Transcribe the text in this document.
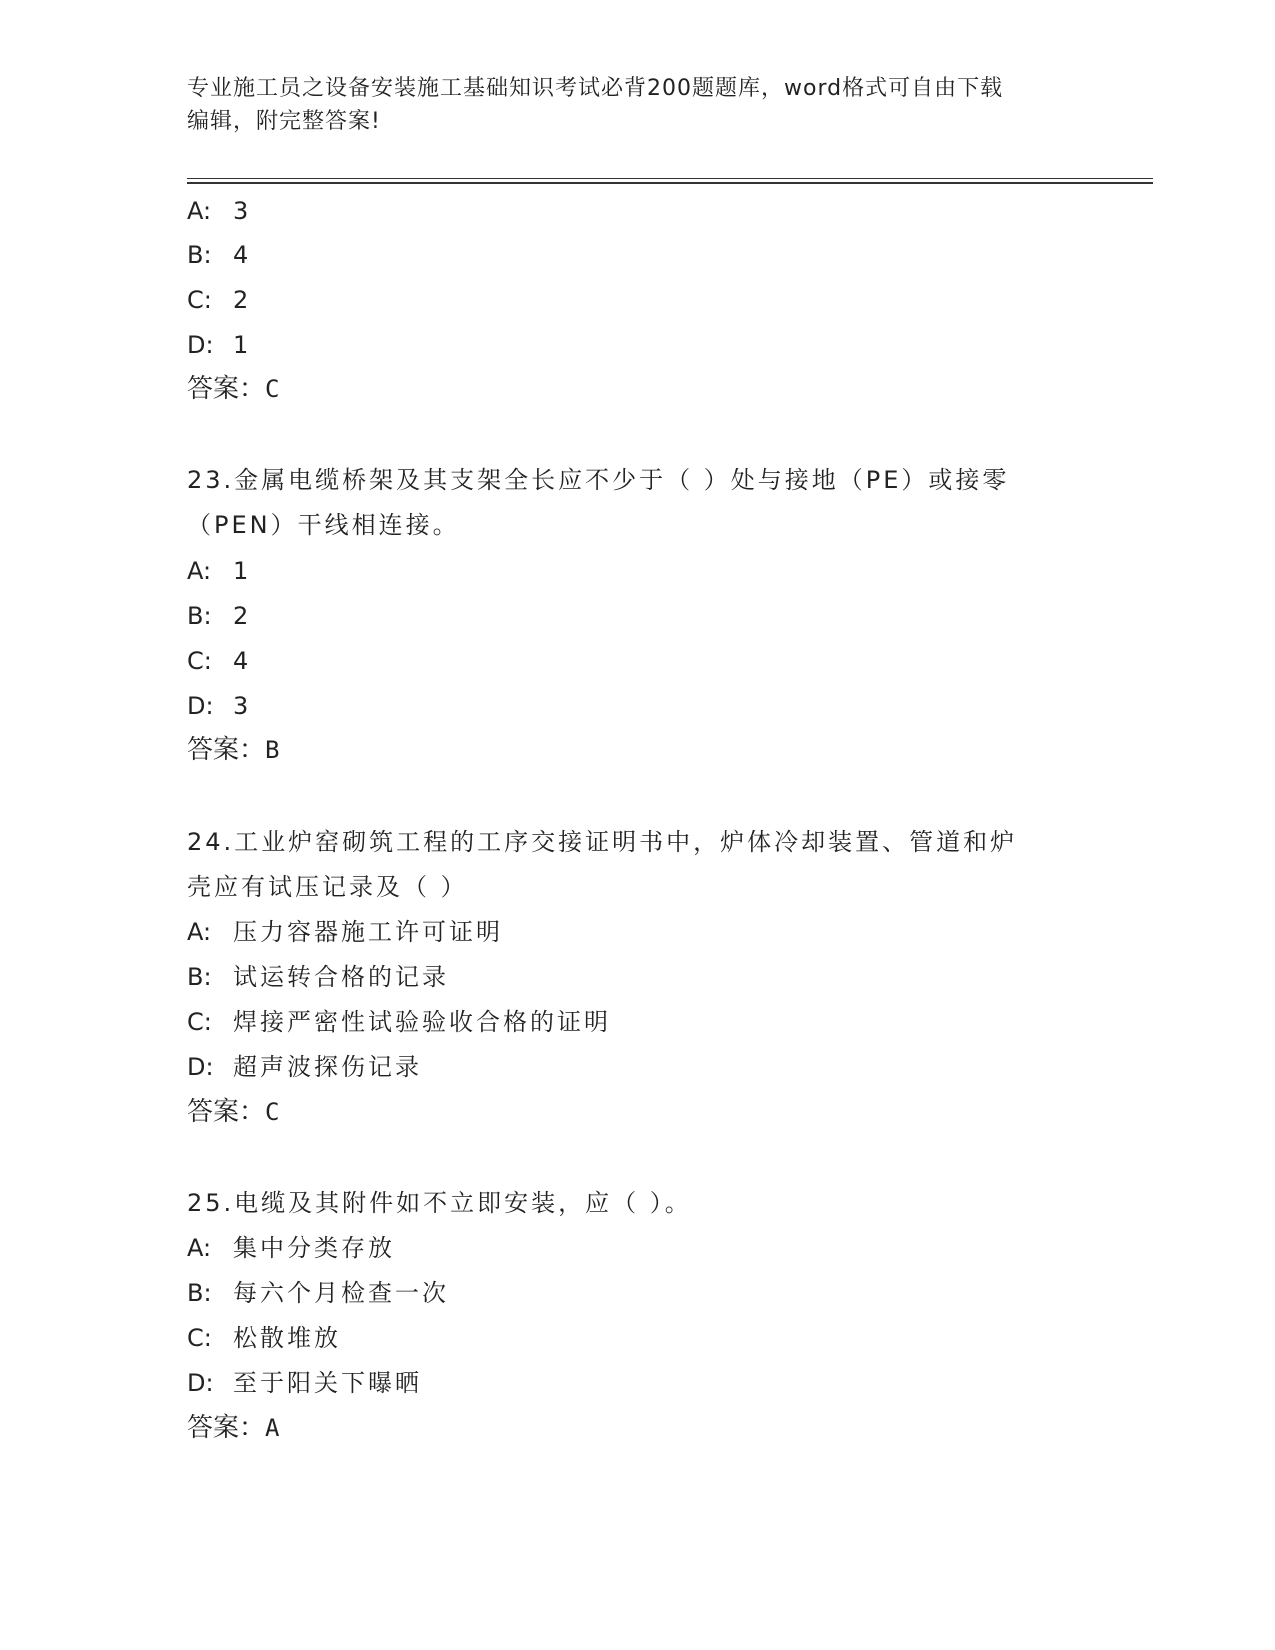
专业施工员之设备安装施工基础知识考试必背200题题库，word格式可自由下载
编辑，附完整答案!
A: 3
B: 4
C: 2
D: 1
答案：C
23.金属电缆桥架及其支架全长应不少于（ ）处与接地（PE）或接零
（PEN）干线相连接。
A: 1
B: 2
C: 4
D: 3
答案：B
24.工业炉窑砌筑工程的工序交接证明书中，炉体冷却装置、管道和炉
壳应有试压记录及（ ）
A: 压力容器施工许可证明
B: 试运转合格的记录
C: 焊接严密性试验验收合格的证明
D: 超声波探伤记录
答案：C
25.电缆及其附件如不立即安装，应（ ）。
A: 集中分类存放
B: 每六个月检查一次
C: 松散堆放
D: 至于阳关下曝晒
答案：A
